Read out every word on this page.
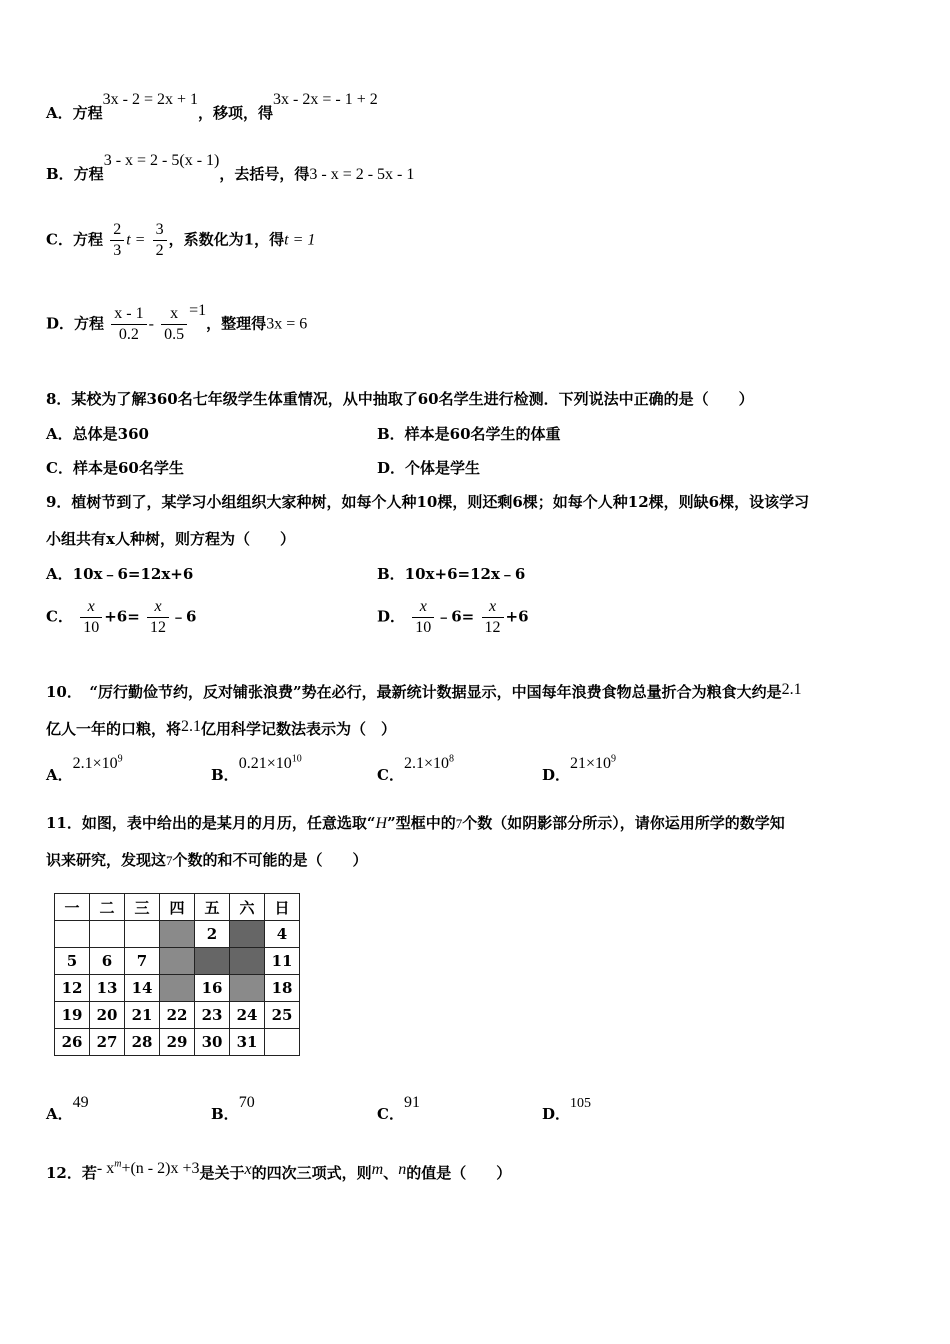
A．方程3x - 2 = 2x + 1，移项，得3x - 2x = - 1 + 2
B．方程3 - x = 2 - 5(x - 1)，去括号，得3 - x = 2 - 5x - 1
C．方程 $\frac{2}{3}$ $t = \frac{3}{2}$ ，系数化为1，得t = 1
D．方程 $\frac{x - 1}{0.2} - \frac{x}{0.5} =1$，整理得3x = 6
8．某校为了解360名七年级学生体重情况，从中抽取了60名学生进行检测．下列说法中正确的是（　　）
A．总体是360	B．样本是60名学生的体重
C．样本是60名学生	D．个体是学生
9．植树节到了，某学习小组组织大家种树，如每个人种10棵，则还剩6棵；如每个人种12棵，则缺6棵，设该学习
小组共有x人种树，则方程为（　　）
A．10x﹣6=12x+6	B．10x+6=12x﹣6
C． $\frac{x}{10} +6= \frac{x}{12}$ ﹣6	D． $\frac{x}{10}$ ﹣6= $\frac{x}{12} +6$
10．　“厉行勤俭节约，反对铺张浪费”势在必行，最新统计数据显示，中国每年浪费食物总量折合为粮食大约是2.1
亿人一年的口粮，将2.1亿用科学记数法表示为（　）
A．$2.1\times 10^9$
B．$0.21\times 10^{10}$
C．$2.1\times 10^8$
D．$21\times 10^9$
11．如图，表中给出的是某月的月历，任意选取“H”型框中的7个数（如阴影部分所示），请你运用所学的数学知
识来研究，发现这7个数的和不可能的是（　　）
一	二	三	四	五	六	日
				2		4
5	6	7				11
12	13	14		16		18
19	20	21	22	23	24	25
26	27	28	29	30	31	
A．49
B．70
C．91
D．105
12．若- $x^m+(n - 2)x +3$是关于x的四次三项式，则m、n的值是（　　）
